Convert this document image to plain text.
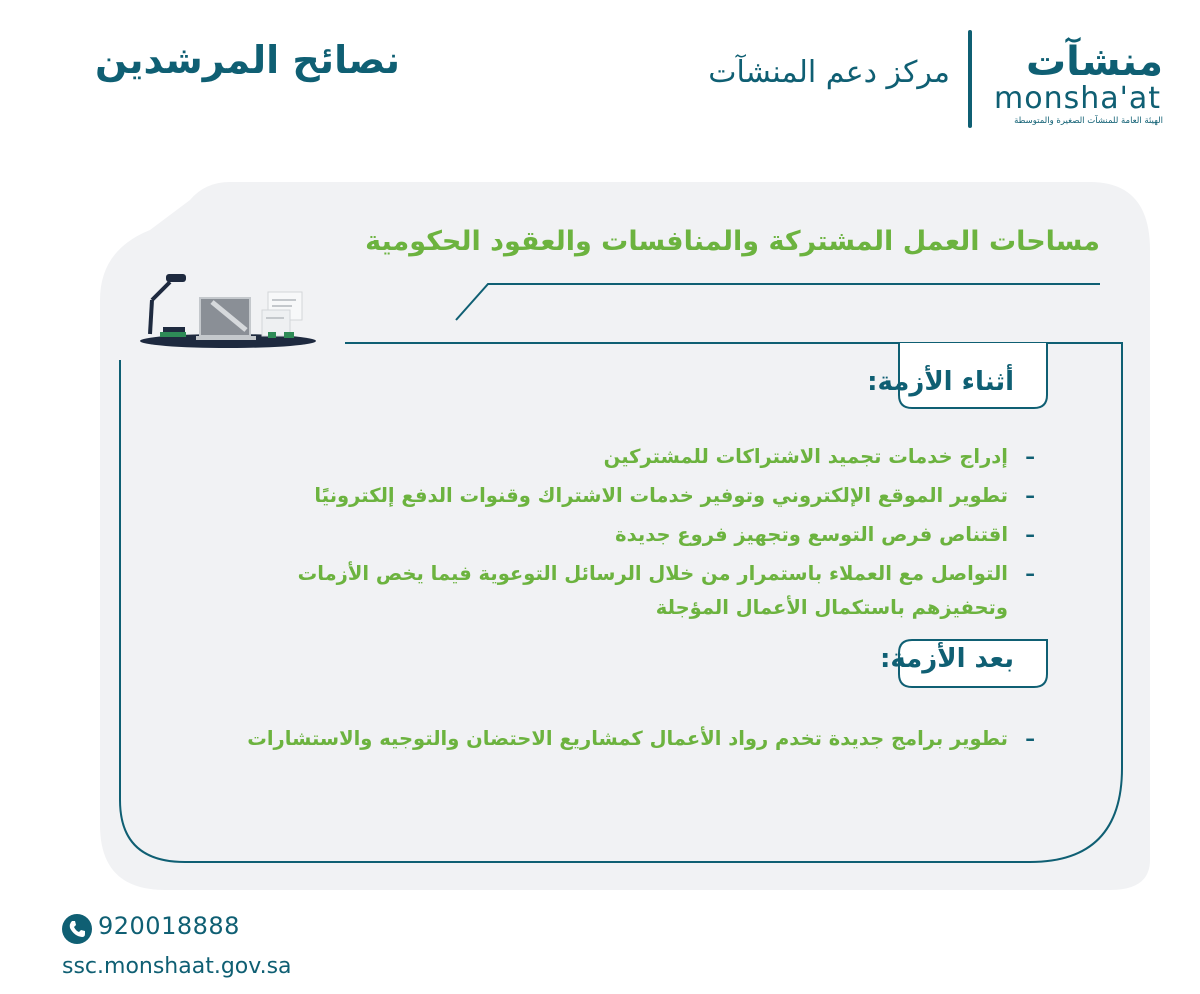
نصائح المرشدين	مركز دعم المنشآت منشآت
monsha'at
الهيئة العامة للمنشآت الصغيرة والمتوسطة
مساحات العمل المشتركة والمنافسات والعقود الحكومية
أثناء الأزمة:
–
إدراج خدمات تجميد الاشتراكات للمشتركين
–
تطوير الموقع الإلكتروني وتوفير خدمات الاشتراك وقنوات الدفع إلكترونيًا
–
اقتناص فرص التوسع وتجهيز فروع جديدة
–
التواصل مع العملاء باستمرار من خلال الرسائل التوعوية فيما يخص الأزمات
وتحفيزهم باستكمال الأعمال المؤجلة
بعد الأزمة:
–
تطوير برامج جديدة تخدم رواد الأعمال كمشاريع الاحتضان والتوجيه والاستشارات
920018888
ssc.monshaat.gov.sa
